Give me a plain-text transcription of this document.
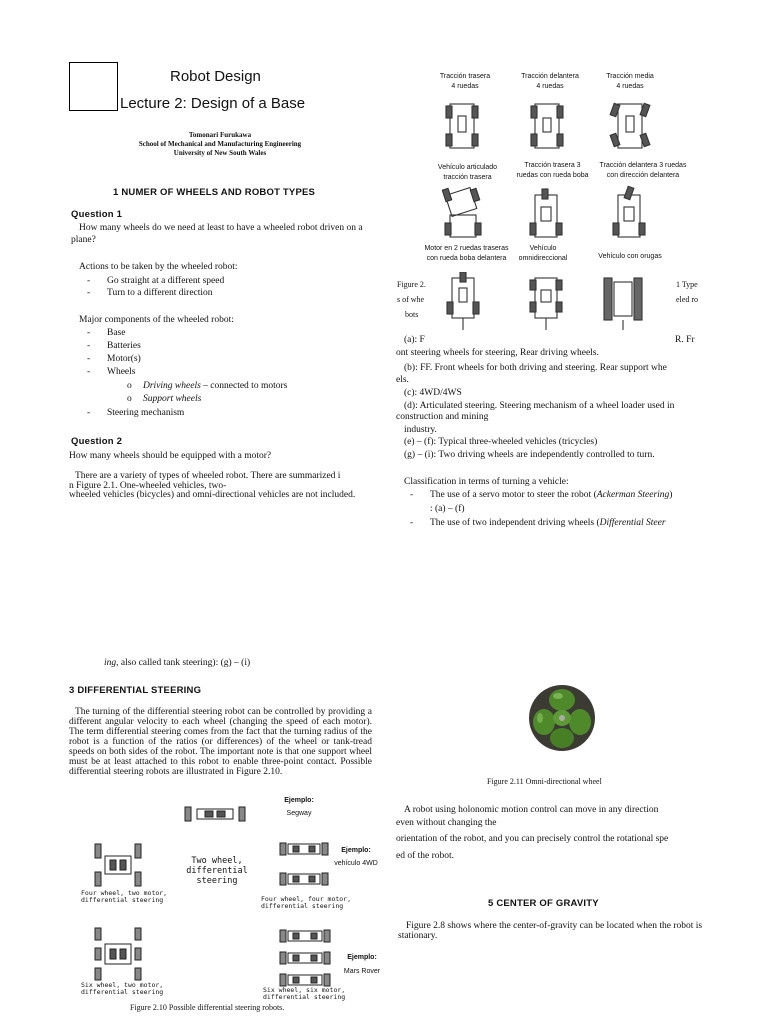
Robot Design
Lecture 2: Design of a Base
Tomonari Furukawa
School of Mechanical and Manufacturing Engineering
University of New South Wales
1 NUMER OF WHEELS AND ROBOT TYPES
Question 1
How many wheels do we need at least to have a wheeled robot driven on a plane?
Actions to be taken by the wheeled robot:
- Go straight at a different speed
- Turn to a different direction
Major components of the wheeled robot:
- Base
- Batteries
- Motor(s)
- Wheels
o Driving wheels – connected to motors
o Support wheels
- Steering mechanism
Question 2
How many wheels should be equipped with a motor?
There are a variety of types of wheeled robot. There are summarized i
n Figure 2.1. One-wheeled vehicles, two-
wheeled vehicles (bicycles) and omni-directional vehicles are not included.
Tracción trasera
4 ruedas
Tracción delantera
4 ruedas
Tracción media
4 ruedas
Vehículo articulado
tracción trasera
Tracción trasera 3
ruedas con rueda boba
Tracción delantera 3 ruedas
con dirección delantera
Motor en 2 ruedas traseras
con rueda boba delantera
Vehículo
omnidireccional	Vehículo con orugas
Figure 2.
s of whe
bots
1 Type
eled ro
(a): F	R. Fr
ont steering wheels for steering, Rear driving wheels.
(b): FF. Front wheels for both driving and steering. Rear support whe
els.
(c): 4WD/4WS
(d): Articulated steering. Steering mechanism of a wheel loader used in construction and mining
industry.
(e) – (f): Typical three-wheeled vehicles (tricycles)
(g) – (i): Two driving wheels are independently controlled to turn.
Classification in terms of turning a vehicle:
- The use of a servo motor to steer the robot (Ackerman Steering)
: (a) – (f)
- The use of two independent driving wheels (Differential Steer
ing, also called tank steering): (g) – (i)
3 DIFFERENTIAL STEERING
The turning of the differential steering robot can be controlled by providing a different angular velocity to each wheel (changing the speed of each motor). The term differential steering comes from the fact that the turning radius of the robot is a function of the ratios (or differences) of the wheel or tank-tread speeds on both sides of the robot. The important note is that one support wheel must be at least attached to this robot to enable three-point contact. Possible differential steering robots are illustrated in Figure 2.10.
Ejemplo:
Segway
Two wheel, differential
steering
Four wheel, two motor,
differential steering
Ejemplo:
vehículo 4WD
Four wheel, four motor,
differential steering
Six wheel, two motor,
differential steering
Ejemplo:
Mars Rover
Six wheel, six motor,
differential steering
Figure 2.10 Possible differential steering robots.
Figure 2.11 Omni-directional wheel
A robot using holonomic motion control can move in any direction
even without changing the
orientation of the robot, and you can precisely control the rotational spe
ed of the robot.
5 CENTER OF GRAVITY
Figure 2.8 shows where the center-of-gravity can be located when the robot is stationary.
